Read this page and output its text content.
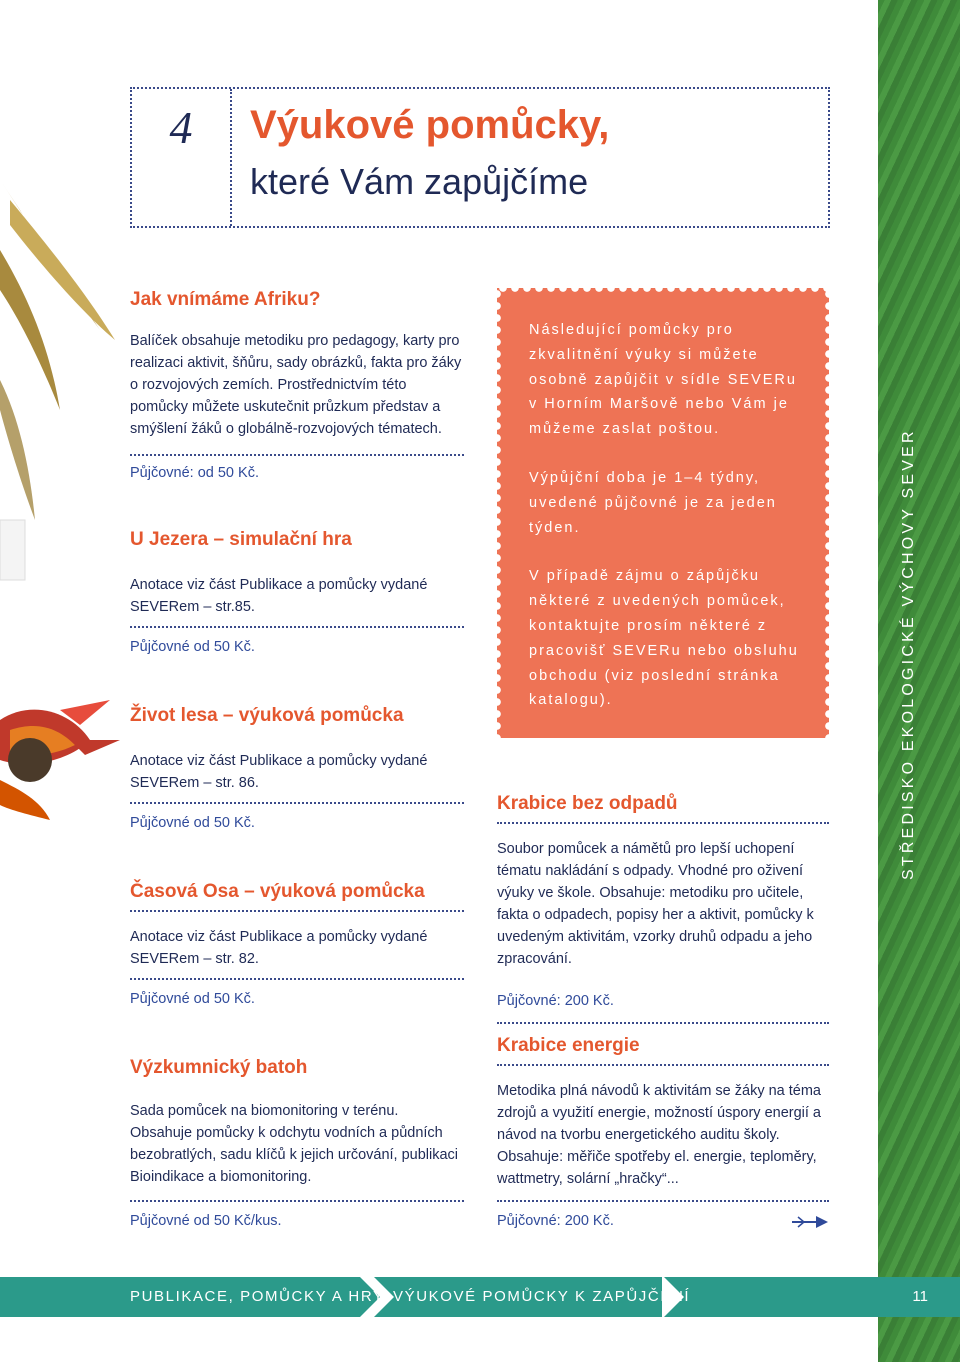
STŘEDISKO EKOLOGICKÉ VÝCHOVY SEVER
4	Výukové pomůcky,
které Vám zapůjčíme

Jak vnímáme Afriku?

Balíček obsahuje metodiku pro pedagogy, karty pro realizaci aktivit, šňůru, sady obrázků, fakta pro žáky o rozvojových zemích. Prostřednictvím této pomůcky můžete uskutečnit průzkum představ a smýšlení žáků o globálně-rozvojových tématech.

Půjčovné: od 50 Kč.

U Jezera – simulační hra

Anotace viz část Publikace a pomůcky vydané SEVERem – str.85.

Půjčovné od 50 Kč.

Život lesa – výuková pomůcka

Anotace viz část Publikace a pomůcky vydané SEVERem – str. 86.

Půjčovné od 50 Kč.

Časová Osa – výuková pomůcka

Anotace viz část Publikace a pomůcky vydané SEVERem – str. 82.

Půjčovné od 50 Kč.

Výzkumnický batoh

Sada pomůcek na biomonitoring v terénu. Obsahuje pomůcky k odchytu vodních a půdních bezobratlých, sadu klíčů k jejich určování, publikaci Bioindikace a biomonitoring.

Půjčovné od 50 Kč/kus.

Následující pomůcky pro zkvalitnění výuky si můžete osobně zapůjčit v sídle SEVERu v Horním Maršově nebo Vám je můžeme zaslat poštou.

Výpůjční doba je 1–4 týdny, uvedené půjčovné je za jeden týden.

V případě zájmu o zápůjčku některé z uvedených pomůcek, kontaktujte prosím některé z pracovišť SEVERu nebo obsluhu obchodu (viz poslední stránka katalogu).

Krabice bez odpadů

Soubor pomůcek a námětů pro lepší uchopení tématu nakládání s odpady. Vhodné pro oživení výuky ve škole. Obsahuje: metodiku pro učitele, fakta o odpadech, popisy her a aktivit, pomůcky k uvedeným aktivitám, vzorky druhů odpadu a jeho zpracování.

Půjčovné: 200 Kč.

Krabice energie

Metodika plná návodů k aktivitám se žáky na téma zdrojů a využití energie, možností úspory energií a návod na tvorbu energetického auditu školy. Obsahuje: měřiče spotřeby el. energie, teploměry, wattmetry, solární „hračky“...

Půjčovné: 200 Kč.

PUBLIKACE, POMŮCKY A HRY VÝUKOVÉ POMŮCKY K ZAPŮJČENÍ	11
